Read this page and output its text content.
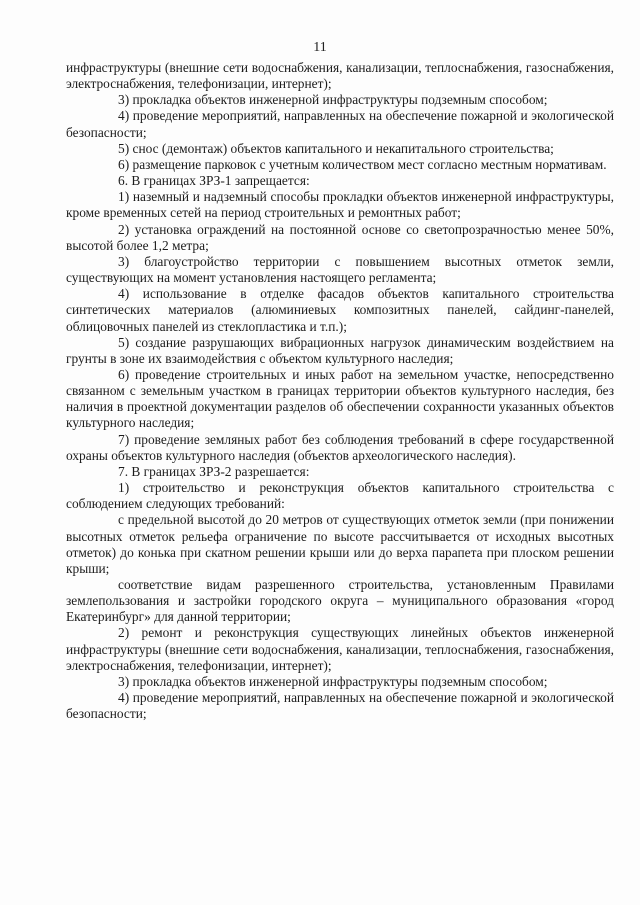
11

инфраструктуры (внешние сети водоснабжения, канализации, теплоснабжения, газоснабжения, электроснабжения, телефонизации, интернет);

3) прокладка объектов инженерной инфраструктуры подземным способом;

4) проведение мероприятий, направленных на обеспечение пожарной и экологической безопасности;

5) снос (демонтаж) объектов капитального и некапитального строительства;

6) размещение парковок с учетным количеством мест согласно местным нормативам.

6. В границах ЗРЗ-1 запрещается:

1) наземный и надземный способы прокладки объектов инженерной инфраструктуры, кроме временных сетей на период строительных и ремонтных работ;

2) установка ограждений на постоянной основе со светопрозрачностью менее 50%, высотой более 1,2 метра;

3) благоустройство территории с повышением высотных отметок земли, существующих на момент установления настоящего регламента;

4) использование в отделке фасадов объектов капитального строительства синтетических материалов (алюминиевых композитных панелей, сайдинг-панелей, облицовочных панелей из стеклопластика и т.п.);

5) создание разрушающих вибрационных нагрузок динамическим воздействием на грунты в зоне их взаимодействия с объектом культурного наследия;

6) проведение строительных и иных работ на земельном участке, непосредственно связанном с земельным участком в границах территории объектов культурного наследия, без наличия в проектной документации разделов об обеспечении сохранности указанных объектов культурного наследия;

7) проведение земляных работ без соблюдения требований в сфере государственной охраны объектов культурного наследия (объектов археологического наследия).

7. В границах ЗРЗ-2 разрешается:

1) строительство и реконструкция объектов капитального строительства с соблюдением следующих требований:

с предельной высотой до 20 метров от существующих отметок земли (при понижении высотных отметок рельефа ограничение по высоте рассчитывается от исходных высотных отметок) до конька при скатном решении крыши или до верха парапета при плоском решении крыши;

соответствие видам разрешенного строительства, установленным Правилами землепользования и застройки городского округа – муниципального образования «город Екатеринбург» для данной территории;

2) ремонт и реконструкция существующих линейных объектов инженерной инфраструктуры (внешние сети водоснабжения, канализации, теплоснабжения, газоснабжения, электроснабжения, телефонизации, интернет);

3) прокладка объектов инженерной инфраструктуры подземным способом;

4) проведение мероприятий, направленных на обеспечение пожарной и экологической безопасности;
